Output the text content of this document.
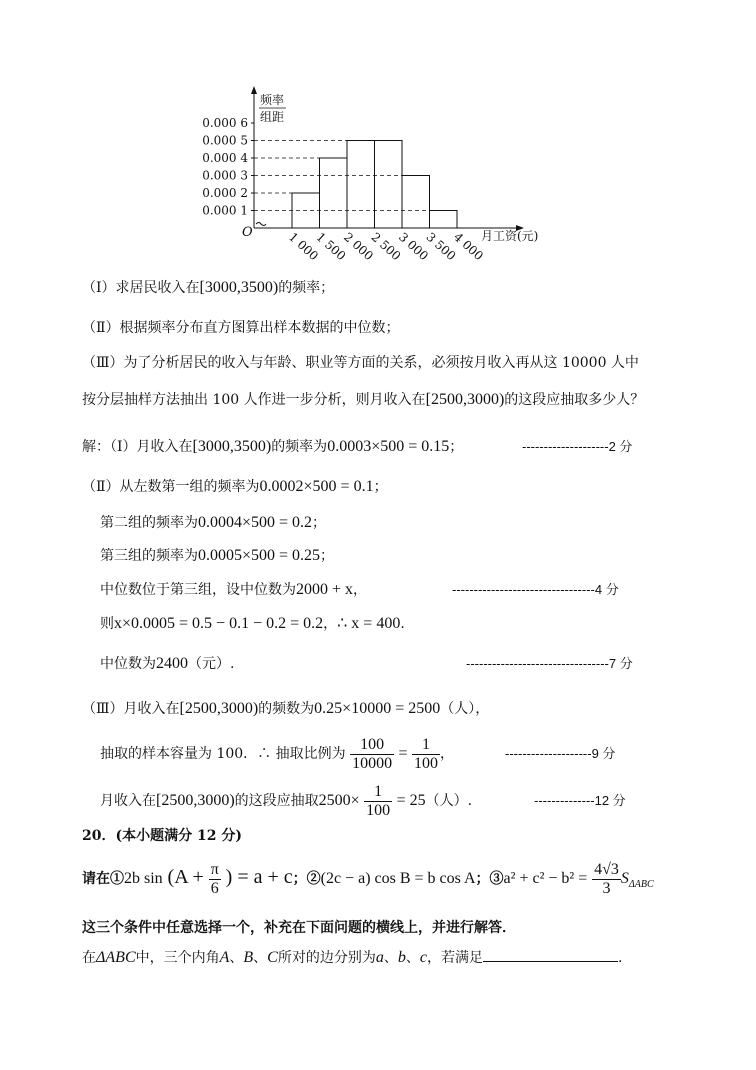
0.000 1
0.000 2
0.000 3
0.000 4
0.000 5
0.000 6
1 000
1 500
2 000
2 500
3 000
3 500
4 000
O
频率
组距
月工资(元)
（Ⅰ）求居民收入在[3000,3500)的频率；
（Ⅱ）根据频率分布直方图算出样本数据的中位数；
（Ⅲ）为了分析居民的收入与年龄、职业等方面的关系，必须按月收入再从这 10000 人中
按分层抽样方法抽出 100 人作进一步分析，则月收入在[2500,3000)的这段应抽取多少人？
解：（Ⅰ）月收入在[3000,3500)的频率为0.0003×500 = 0.15；	--------------------2 分
（Ⅱ）从左数第一组的频率为0.0002×500 = 0.1；
第二组的频率为0.0004×500 = 0.2；
第三组的频率为0.0005×500 = 0.25；
中位数位于第三组，设中位数为2000 + x，	---------------------------------4 分
则x×0.0005 = 0.5 − 0.1 − 0.2 = 0.2，∴ x = 400.
中位数为2400（元）.	---------------------------------7 分
（Ⅲ）月收入在[2500,3000)的频数为0.25×10000 = 2500（人），
抽取的样本容量为 100．∴ 抽取比例为 $\frac{100}{10000} = \frac{1}{100}$ ，	--------------------9 分
月收入在[2500,3000)的这段应抽取$2500\times \frac{1}{100} = 25$（人）.	--------------12 分
20．(本小题满分 12 分)
请在①2b $\sin (A + \frac{\pi}{6}$ ) = a + c；②(2c − a) cos B = b cos A；③a² + $c^2 - b^2 = \frac{4√3}{3} S_{\Delta ABC}$
这三个条件中任意选择一个，补充在下面问题的横线上，并进行解答．
在ΔABC中，三个内角A、B、C所对的边分别为a、b、c，若满足	.
